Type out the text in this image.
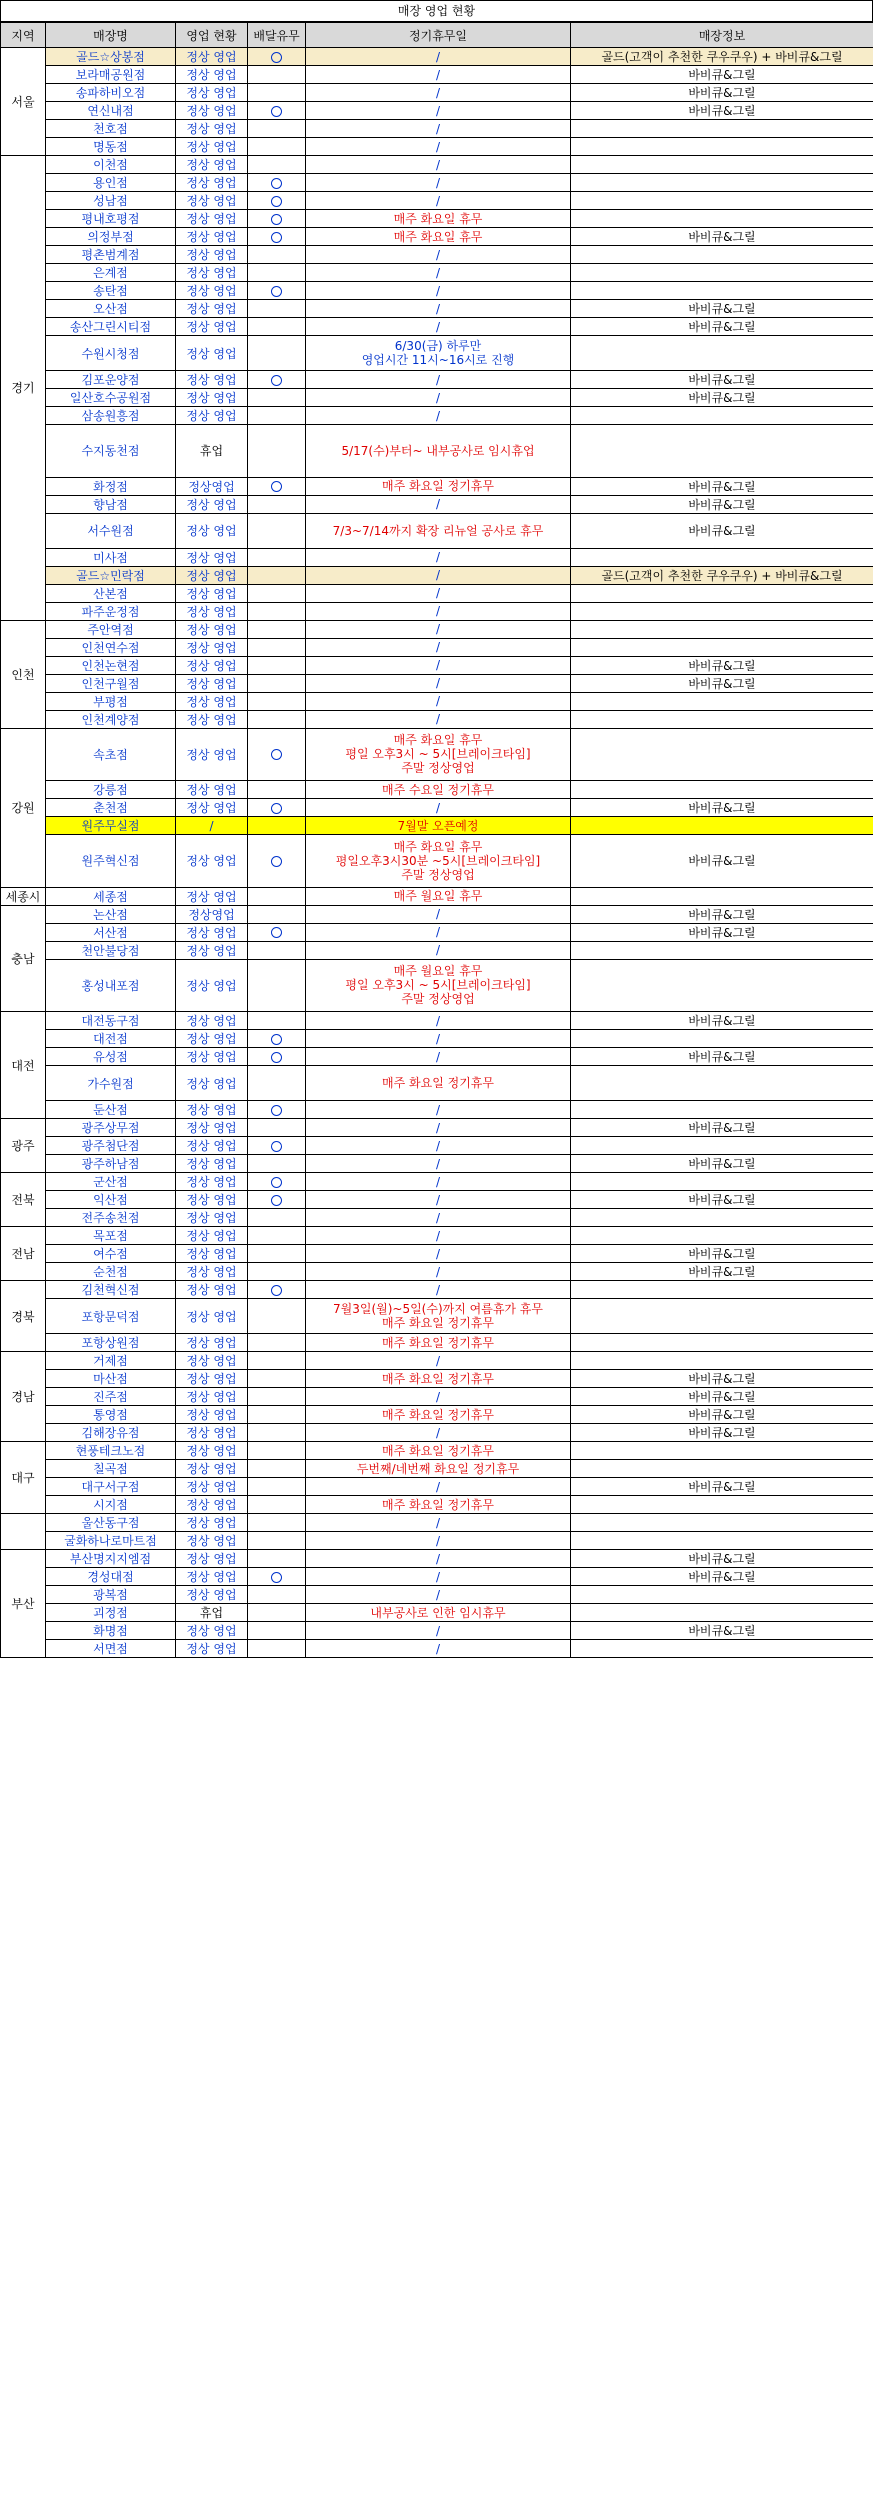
매장 영업 현황
지역	매장명	영업 현황	배달유무	정기휴무일	매장정보
서울	골드☆상봉점	정상 영업		/	골드(고객이 추천한 쿠우쿠우) + 바비큐&그릴
	보라매공원점	정상 영업		/	바비큐&그릴
	송파하비오점	정상 영업		/	바비큐&그릴
	연신내점	정상 영업		/	바비큐&그릴
	천호점	정상 영업		/	
	명동점	정상 영업		/	
경기	이천점	정상 영업		/	
	용인점	정상 영업		/	
	성남점	정상 영업		/	
	평내호평점	정상 영업		매주 화요일 휴무	
	의정부점	정상 영업		매주 화요일 휴무	바비큐&그릴
	평촌범계점	정상 영업		/	
	은계점	정상 영업		/	
	송탄점	정상 영업		/	
	오산점	정상 영업		/	바비큐&그릴
	송산그린시티점	정상 영업		/	바비큐&그릴
	수원시청점	정상 영업		6/30(금) 하루만
영업시간 11시~16시로 진행	
	김포운양점	정상 영업		/	바비큐&그릴
	일산호수공원점	정상 영업		/	바비큐&그릴
	삼송원흥점	정상 영업		/	
	수지동천점	휴업		5/17(수)부터~ 내부공사로 임시휴업	
	화정점	정상영업		매주 화요일 정기휴무	바비큐&그릴
	향남점	정상 영업		/	바비큐&그릴
	서수원점	정상 영업		7/3~7/14까지 확장 리뉴얼 공사로 휴무	바비큐&그릴
	미사점	정상 영업		/	
	골드☆민락점	정상 영업		/	골드(고객이 추천한 쿠우쿠우) + 바비큐&그릴
	산본점	정상 영업		/	
	파주운정점	정상 영업		/	
인천	주안역점	정상 영업		/	
	인천연수점	정상 영업		/	
	인천논현점	정상 영업		/	바비큐&그릴
	인천구월점	정상 영업		/	바비큐&그릴
	부평점	정상 영업		/	
	인천계양점	정상 영업		/	
강원	속초점	정상 영업		매주 화요일 휴무
평일 오후3시 ~ 5시[브레이크타임]
주말 정상영업	
	강릉점	정상 영업		매주 수요일 정기휴무	
	춘천점	정상 영업		/	바비큐&그릴
	원주무실점	/		7월말 오픈예정	
	원주혁신점	정상 영업		매주 화요일 휴무
평일오후3시30분 ~5시[브레이크타임]
주말 정상영업	바비큐&그릴
세종시	세종점	정상 영업		매주 월요일 휴무	
충남	논산점	정상영업		/	바비큐&그릴
	서산점	정상 영업		/	바비큐&그릴
	천안불당점	정상 영업		/	
	홍성내포점	정상 영업		매주 월요일 휴무
평일 오후3시 ~ 5시[브레이크타임]
주말 정상영업	
대전	대전동구점	정상 영업		/	바비큐&그릴
	대전점	정상 영업		/	
	유성점	정상 영업		/	바비큐&그릴
	가수원점	정상 영업		매주 화요일 정기휴무	
	둔산점	정상 영업		/	
광주	광주상무점	정상 영업		/	바비큐&그릴
	광주첨단점	정상 영업		/	
	광주하남점	정상 영업		/	바비큐&그릴
전북	군산점	정상 영업		/	
	익산점	정상 영업		/	바비큐&그릴
	전주송천점	정상 영업		/	
전남	목포점	정상 영업		/	
	여수점	정상 영업		/	바비큐&그릴
	순천점	정상 영업		/	바비큐&그릴
경북	김천혁신점	정상 영업		/	
	포항문덕점	정상 영업		7월3일(월)~5일(수)까지 여름휴가 휴무
매주 화요일 정기휴무	
	포항상원점	정상 영업		매주 화요일 정기휴무	
경남	거제점	정상 영업		/	
	마산점	정상 영업		매주 화요일 정기휴무	바비큐&그릴
	진주점	정상 영업		/	바비큐&그릴
	통영점	정상 영업		매주 화요일 정기휴무	바비큐&그릴
	김해장유점	정상 영업		/	바비큐&그릴
대구	현풍테크노점	정상 영업		매주 화요일 정기휴무	
	칠곡점	정상 영업		두번째/네번째 화요일 정기휴무	
	대구서구점	정상 영업		/	바비큐&그릴
	시지점	정상 영업		매주 화요일 정기휴무	
	울산동구점	정상 영업		/	
	굴화하나로마트점	정상 영업		/	
부산	부산명지지엠점	정상 영업		/	바비큐&그릴
	경성대점	정상 영업		/	바비큐&그릴
	광복점	정상 영업		/	
	괴정점	휴업		내부공사로 인한 임시휴무	
	화명점	정상 영업		/	바비큐&그릴
	서면점	정상 영업		/	
